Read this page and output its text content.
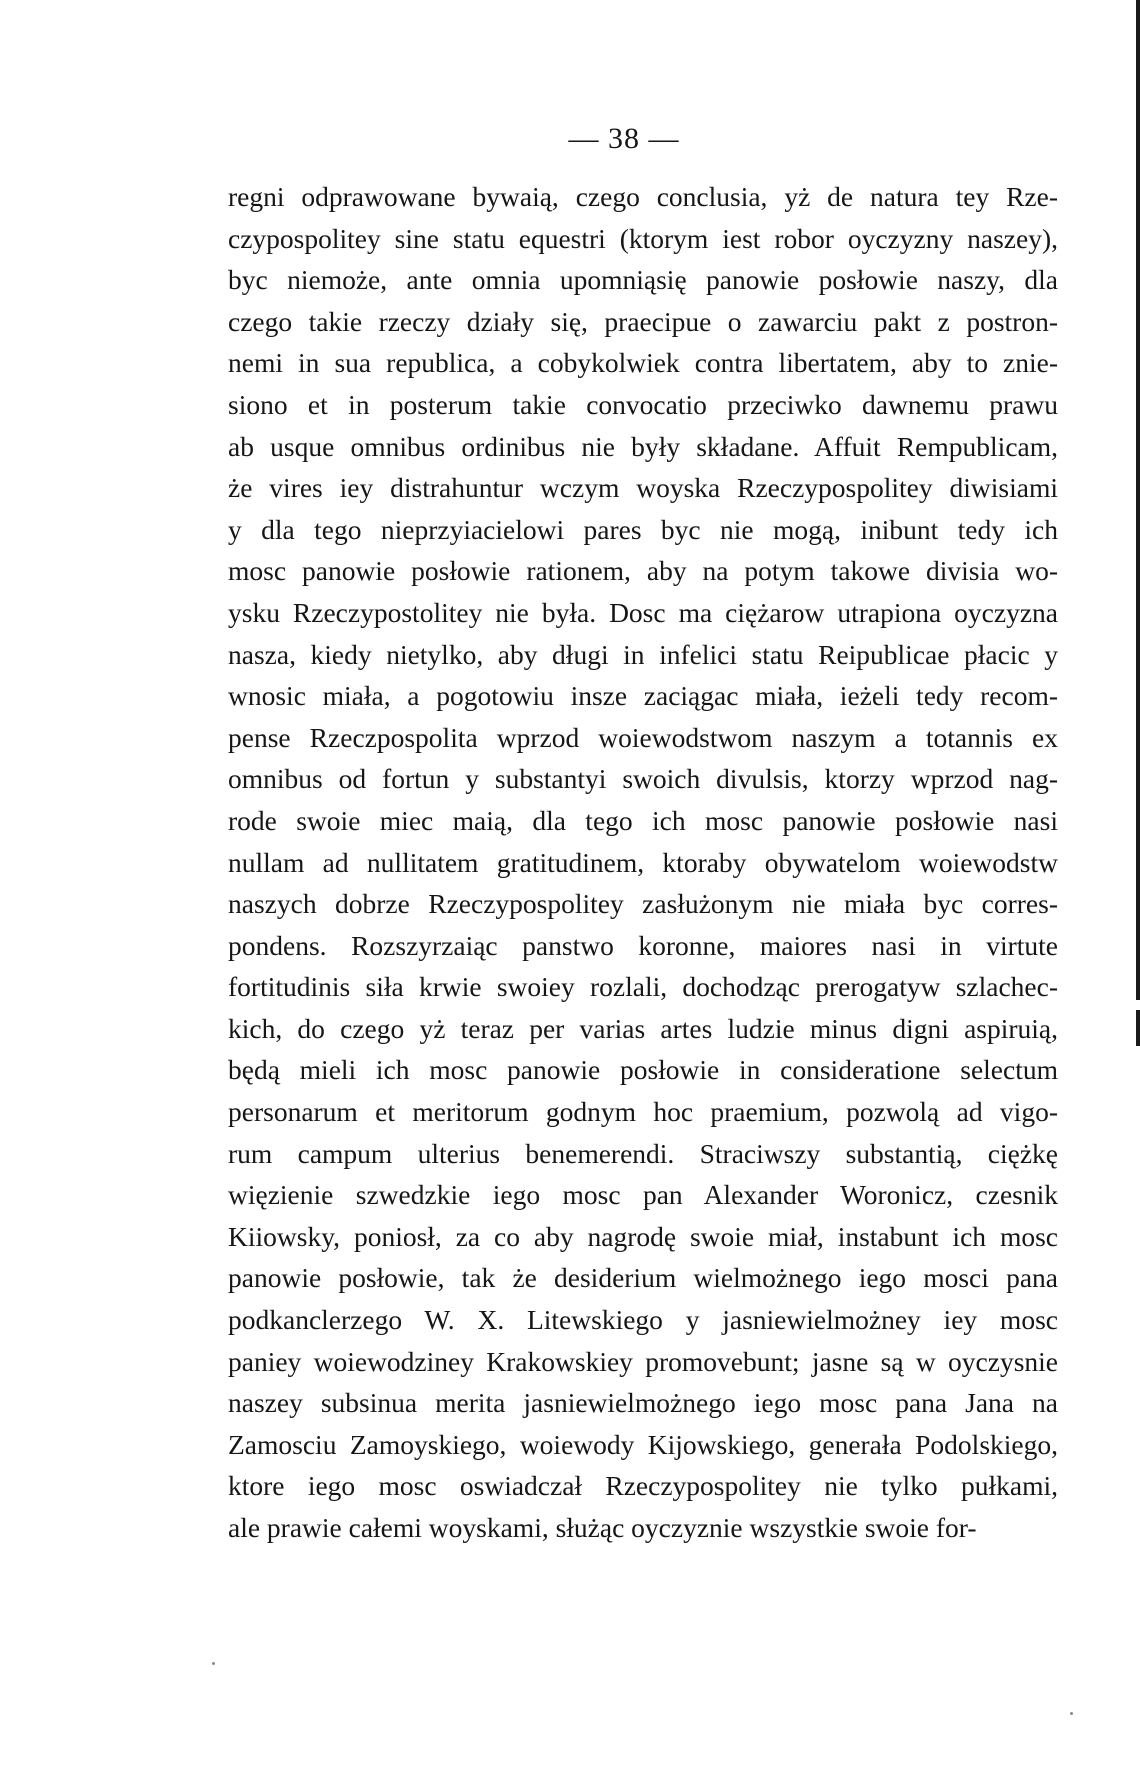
— 38 —
regni odprawowane bywaią, czego conclusia, yż de natura tey Rze-
czypospolitey sine statu equestri (ktorym iest robor oyczyzny naszey),
byc niemoże, ante omnia upomniąsię panowie posłowie naszy, dla
czego takie rzeczy działy się, praecipue o zawarciu pakt z postron-
nemi in sua republica, a cobykolwiek contra libertatem, aby to znie-
siono et in posterum takie convocatio przeciwko dawnemu prawu
ab usque omnibus ordinibus nie były składane. Affuit Rempublicam,
że vires iey distrahuntur wczym woyska Rzeczypospolitey diwisiami
y dla tego nieprzyiacielowi pares byc nie mogą, inibunt tedy ich
mosc panowie posłowie rationem, aby na potym takowe divisia wo-
ysku Rzeczypostolitey nie była. Dosc ma ciężarow utrapiona oyczyzna
nasza, kiedy nietylko, aby długi in infelici statu Reipublicae płacic y
wnosic miała, a pogotowiu insze zaciągac miała, ieżeli tedy recom-
pense Rzeczpospolita wprzod woiewodstwom naszym a totannis ex
omnibus od fortun y substantyi swoich divulsis, ktorzy wprzod nag-
rode swoie miec maią, dla tego ich mosc panowie posłowie nasi
nullam ad nullitatem gratitudinem, ktoraby obywatelom woiewodstw
naszych dobrze Rzeczypospolitey zasłużonym nie miała byc corres-
pondens. Rozszyrzaiąc panstwo koronne, maiores nasi in virtute
fortitudinis siła krwie swoiey rozlali, dochodząc prerogatyw szlachec-
kich, do czego yż teraz per varias artes ludzie minus digni aspiruią,
będą mieli ich mosc panowie posłowie in consideratione selectum
personarum et meritorum godnym hoc praemium, pozwolą ad vigo-
rum campum ulterius benemerendi. Straciwszy substantią, ciężkę
więzienie szwedzkie iego mosc pan Alexander Woronicz, czesnik
Kiiowsky, poniosł, za co aby nagrodę swoie miał, instabunt ich mosc
panowie posłowie, tak że desiderium wielmożnego iego mosci pana
podkanclerzego W. X. Litewskiego y jasniewielmożney iey mosc
paniey woiewodziney Krakowskiey promovebunt; jasne są w oyczysnie
naszey subsinua merita jasniewielmożnego iego mosc pana Jana na
Zamosciu Zamoyskiego, woiewody Kijowskiego, generała Podolskiego,
ktore iego mosc oswiadczał Rzeczypospolitey nie tylko pułkami,
ale prawie całemi woyskami, służąc oyczyznie wszystkie swoie for-
